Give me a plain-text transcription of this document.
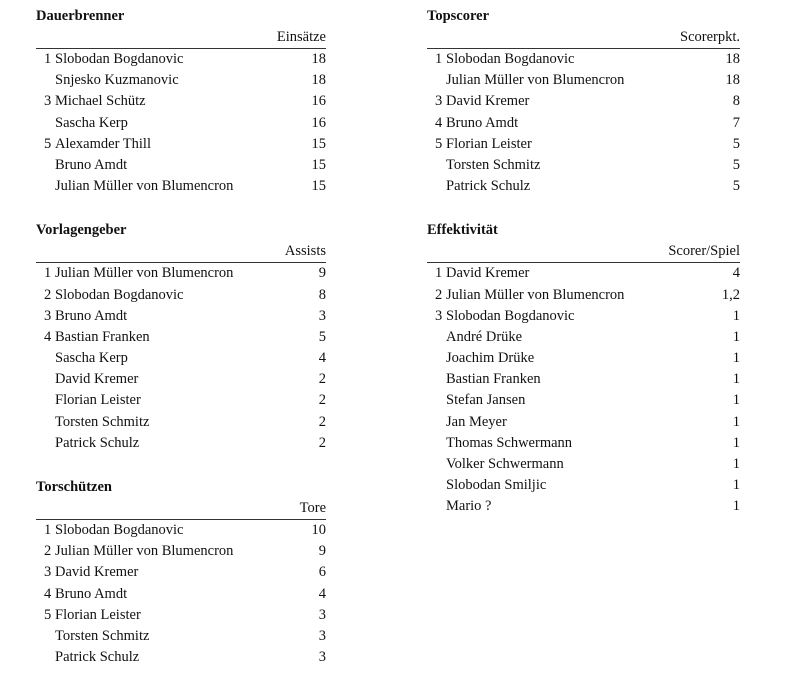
Dauerbrenner
Einsätze
1 Slobodan Bogdanovic	18
Snjesko Kuzmanovic	18
3 Michael Schütz	16
Sascha Kerp	16
5 Alexamder Thill	15
Bruno Amdt	15
Julian Müller von Blumencron	15
Vorlagengeber
Assists
1 Julian Müller von Blumencron	9
2 Slobodan Bogdanovic	8
3 Bruno Amdt	3
4 Bastian Franken	5
Sascha Kerp	4
David Kremer	2
Florian Leister	2
Torsten Schmitz	2
Patrick Schulz	2
Torschützen
Tore
1 Slobodan Bogdanovic	10
2 Julian Müller von Blumencron	9
3 David Kremer	6
4 Bruno Amdt	4
5 Florian Leister	3
Torsten Schmitz	3
Patrick Schulz	3
Topscorer
Scorerpkt.
1 Slobodan Bogdanovic	18
Julian Müller von Blumencron	18
3 David Kremer	8
4 Bruno Amdt	7
5 Florian Leister	5
Torsten Schmitz	5
Patrick Schulz	5
Effektivität
Scorer/Spiel
1 David Kremer	4
2 Julian Müller von Blumencron	1,2
3 Slobodan Bogdanovic	1
André Drüke	1
Joachim Drüke	1
Bastian Franken	1
Stefan Jansen	1
Jan Meyer	1
Thomas Schwermann	1
Volker Schwermann	1
Slobodan Smiljic	1
Mario ?	1
